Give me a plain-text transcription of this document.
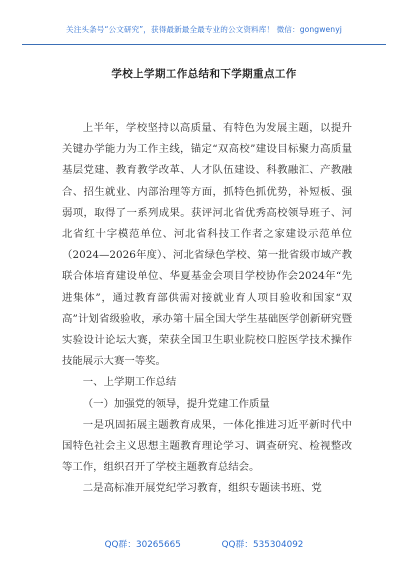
关注头条号“公文研究”，获得最新最全最专业的公文资料库！ 微信：gongwenyj
学校上学期工作总结和下学期重点工作

上半年，学校坚持以高质量、有特色为发展主题，以提升关键办学能力为工作主线，锚定“双高校”建设目标聚力高质量基层党建、教育教学改革、人才队伍建设、科教融汇、产教融合、招生就业、内部治理等方面，抓特色抓优势，补短板、强弱项，取得了一系列成果。获评河北省优秀高校领导班子、河北省红十字模范单位、河北省科技工作者之家建设示范单位（2024—2026年度）、河北省绿色学校、第一批省级市域产教联合体培育建设单位、华夏基金会项目学校协作会2024年“先进集体”，通过教育部供需对接就业育人项目验收和国家“双高”计划省级验收，承办第十届全国大学生基础医学创新研究暨实验设计论坛大赛，荣获全国卫生职业院校口腔医学技术操作技能展示大赛一等奖。

一、上学期工作总结

（一）加强党的领导，提升党建工作质量

一是巩固拓展主题教育成果，一体化推进习近平新时代中国特色社会主义思想主题教育理论学习、调查研究、检视整改等工作，组织召开了学校主题教育总结会。

二是高标准开展党纪学习教育，组织专题读书班、党

QQ群：30265665	QQ群：535304092
